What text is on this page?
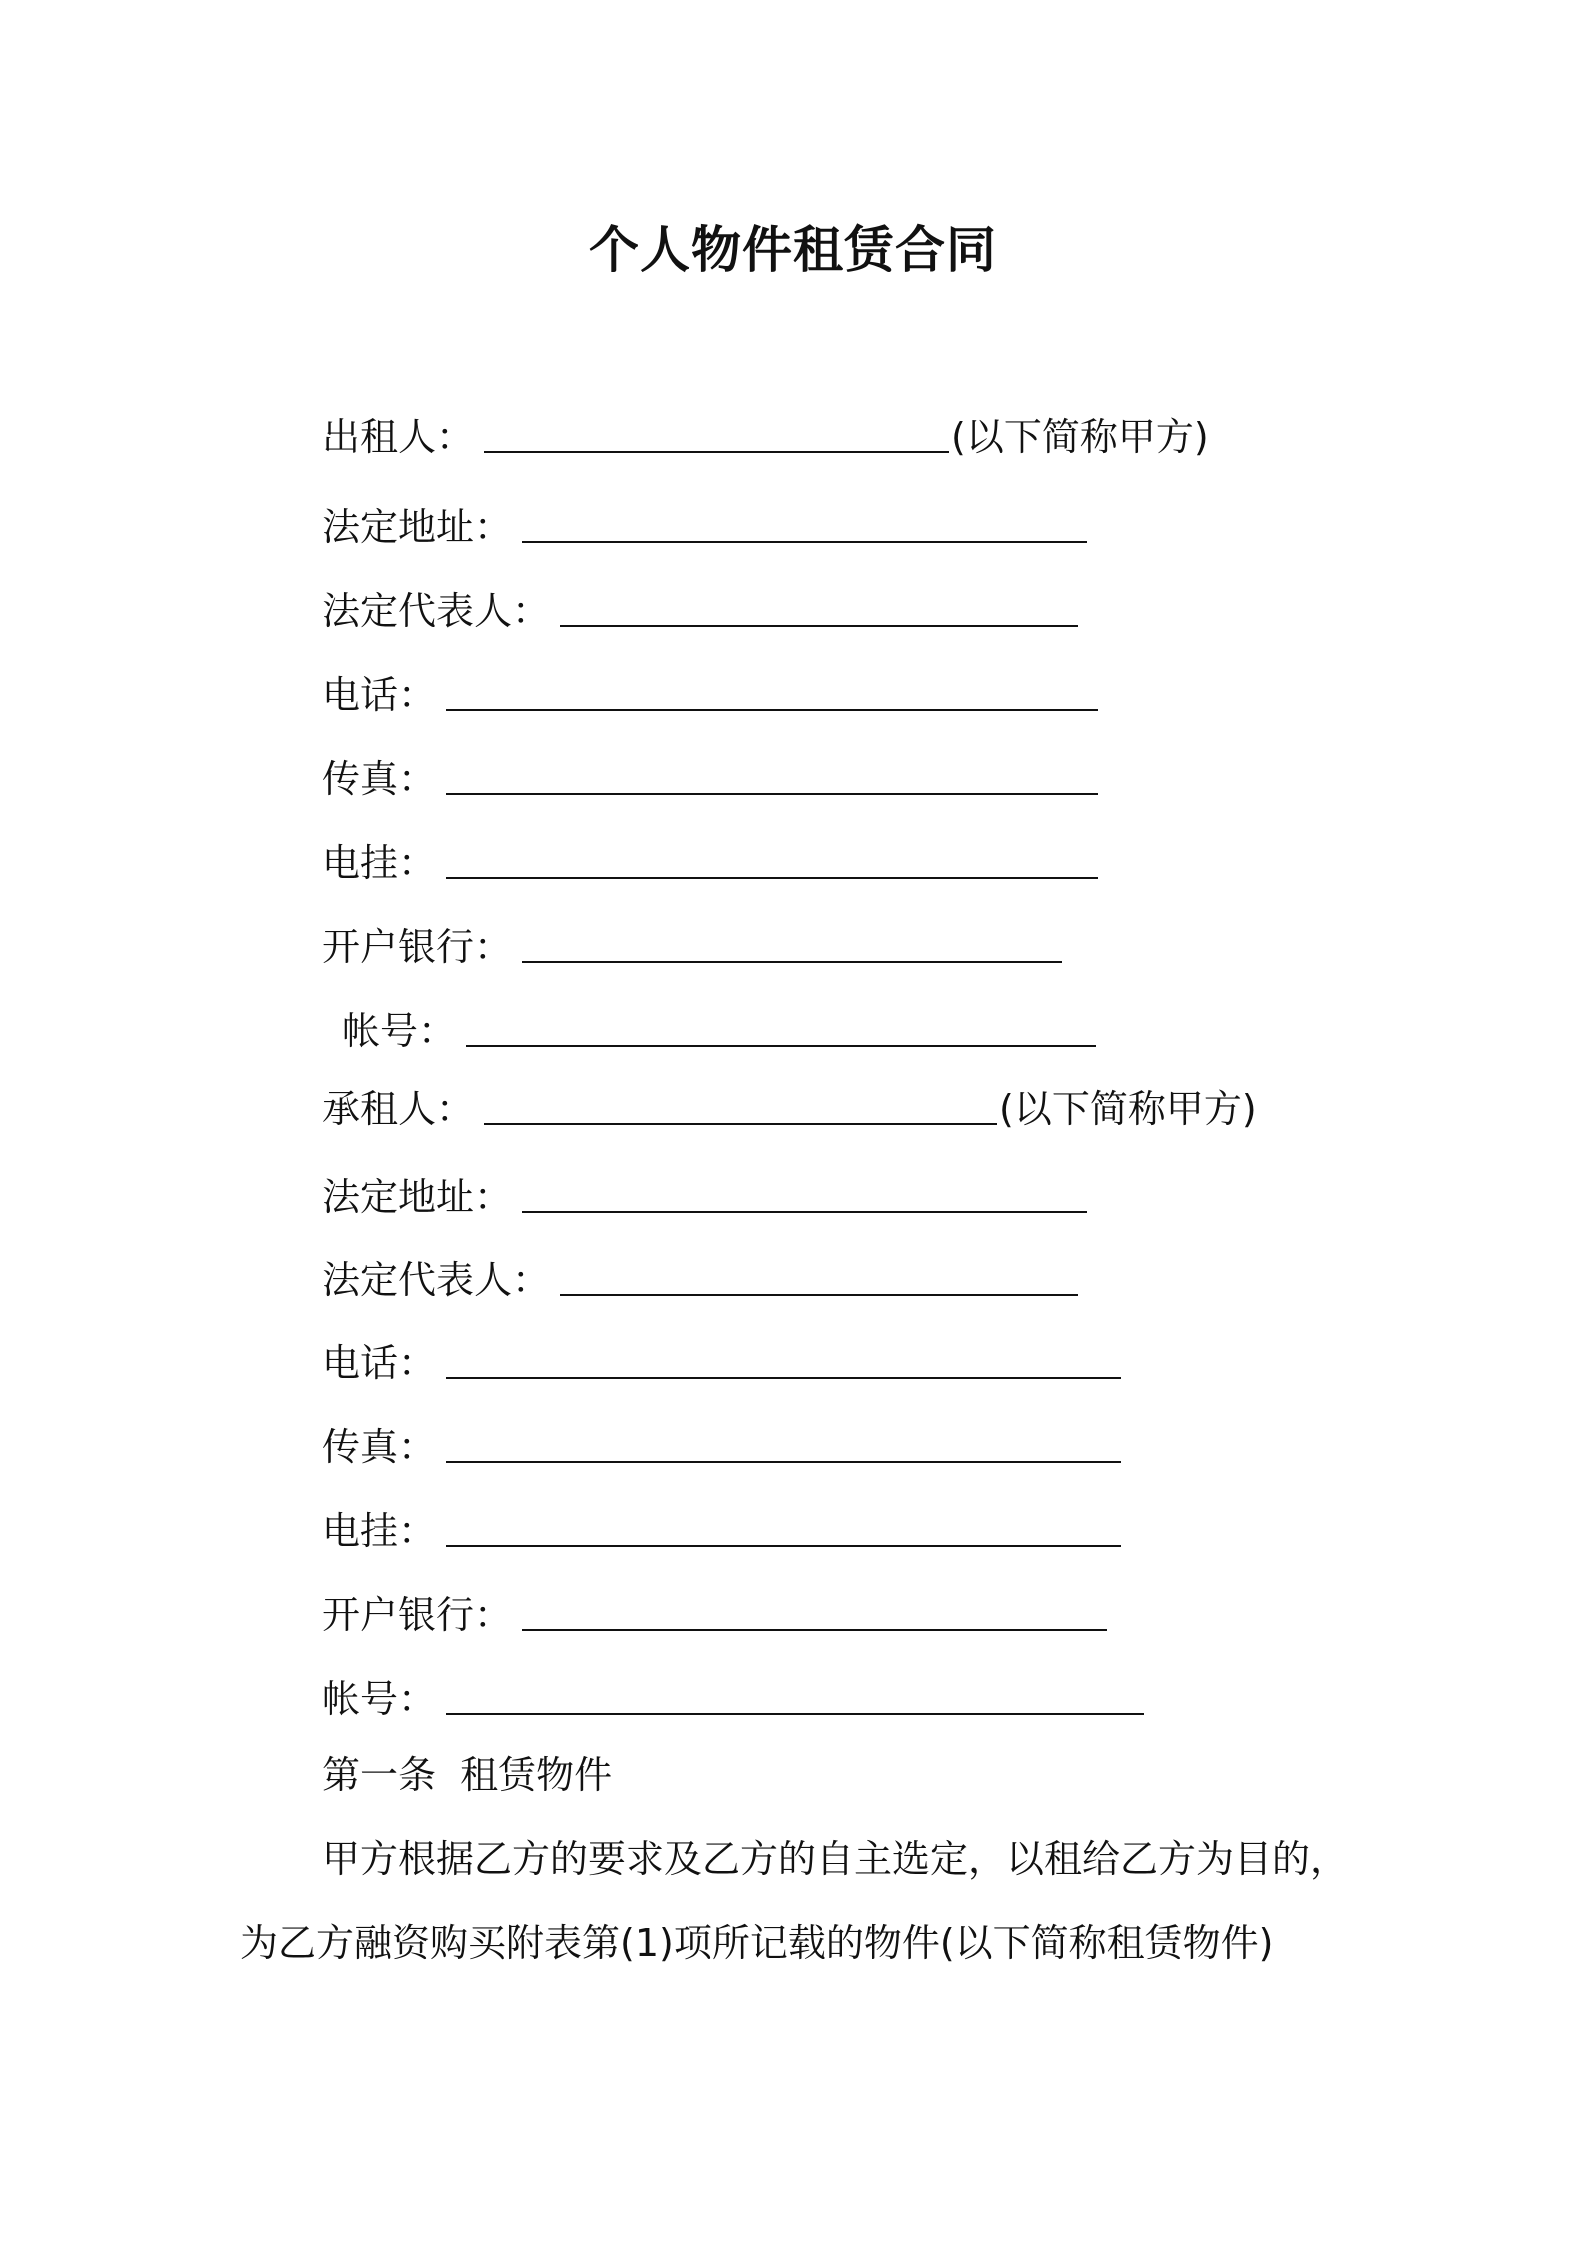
个人物件租赁合同
出租人：	(以下简称甲方)
法定地址：
法定代表人：
电话：
传真：
电挂：
开户银行：
帐号：
承租人：	(以下简称甲方)
法定地址：
法定代表人：
电话：
传真：
电挂：
开户银行：
帐号：
第一条  租赁物件
甲方根据乙方的要求及乙方的自主选定，以租给乙方为目的，
为乙方融资购买附表第(1)项所记载的物件(以下简称租赁物件)
